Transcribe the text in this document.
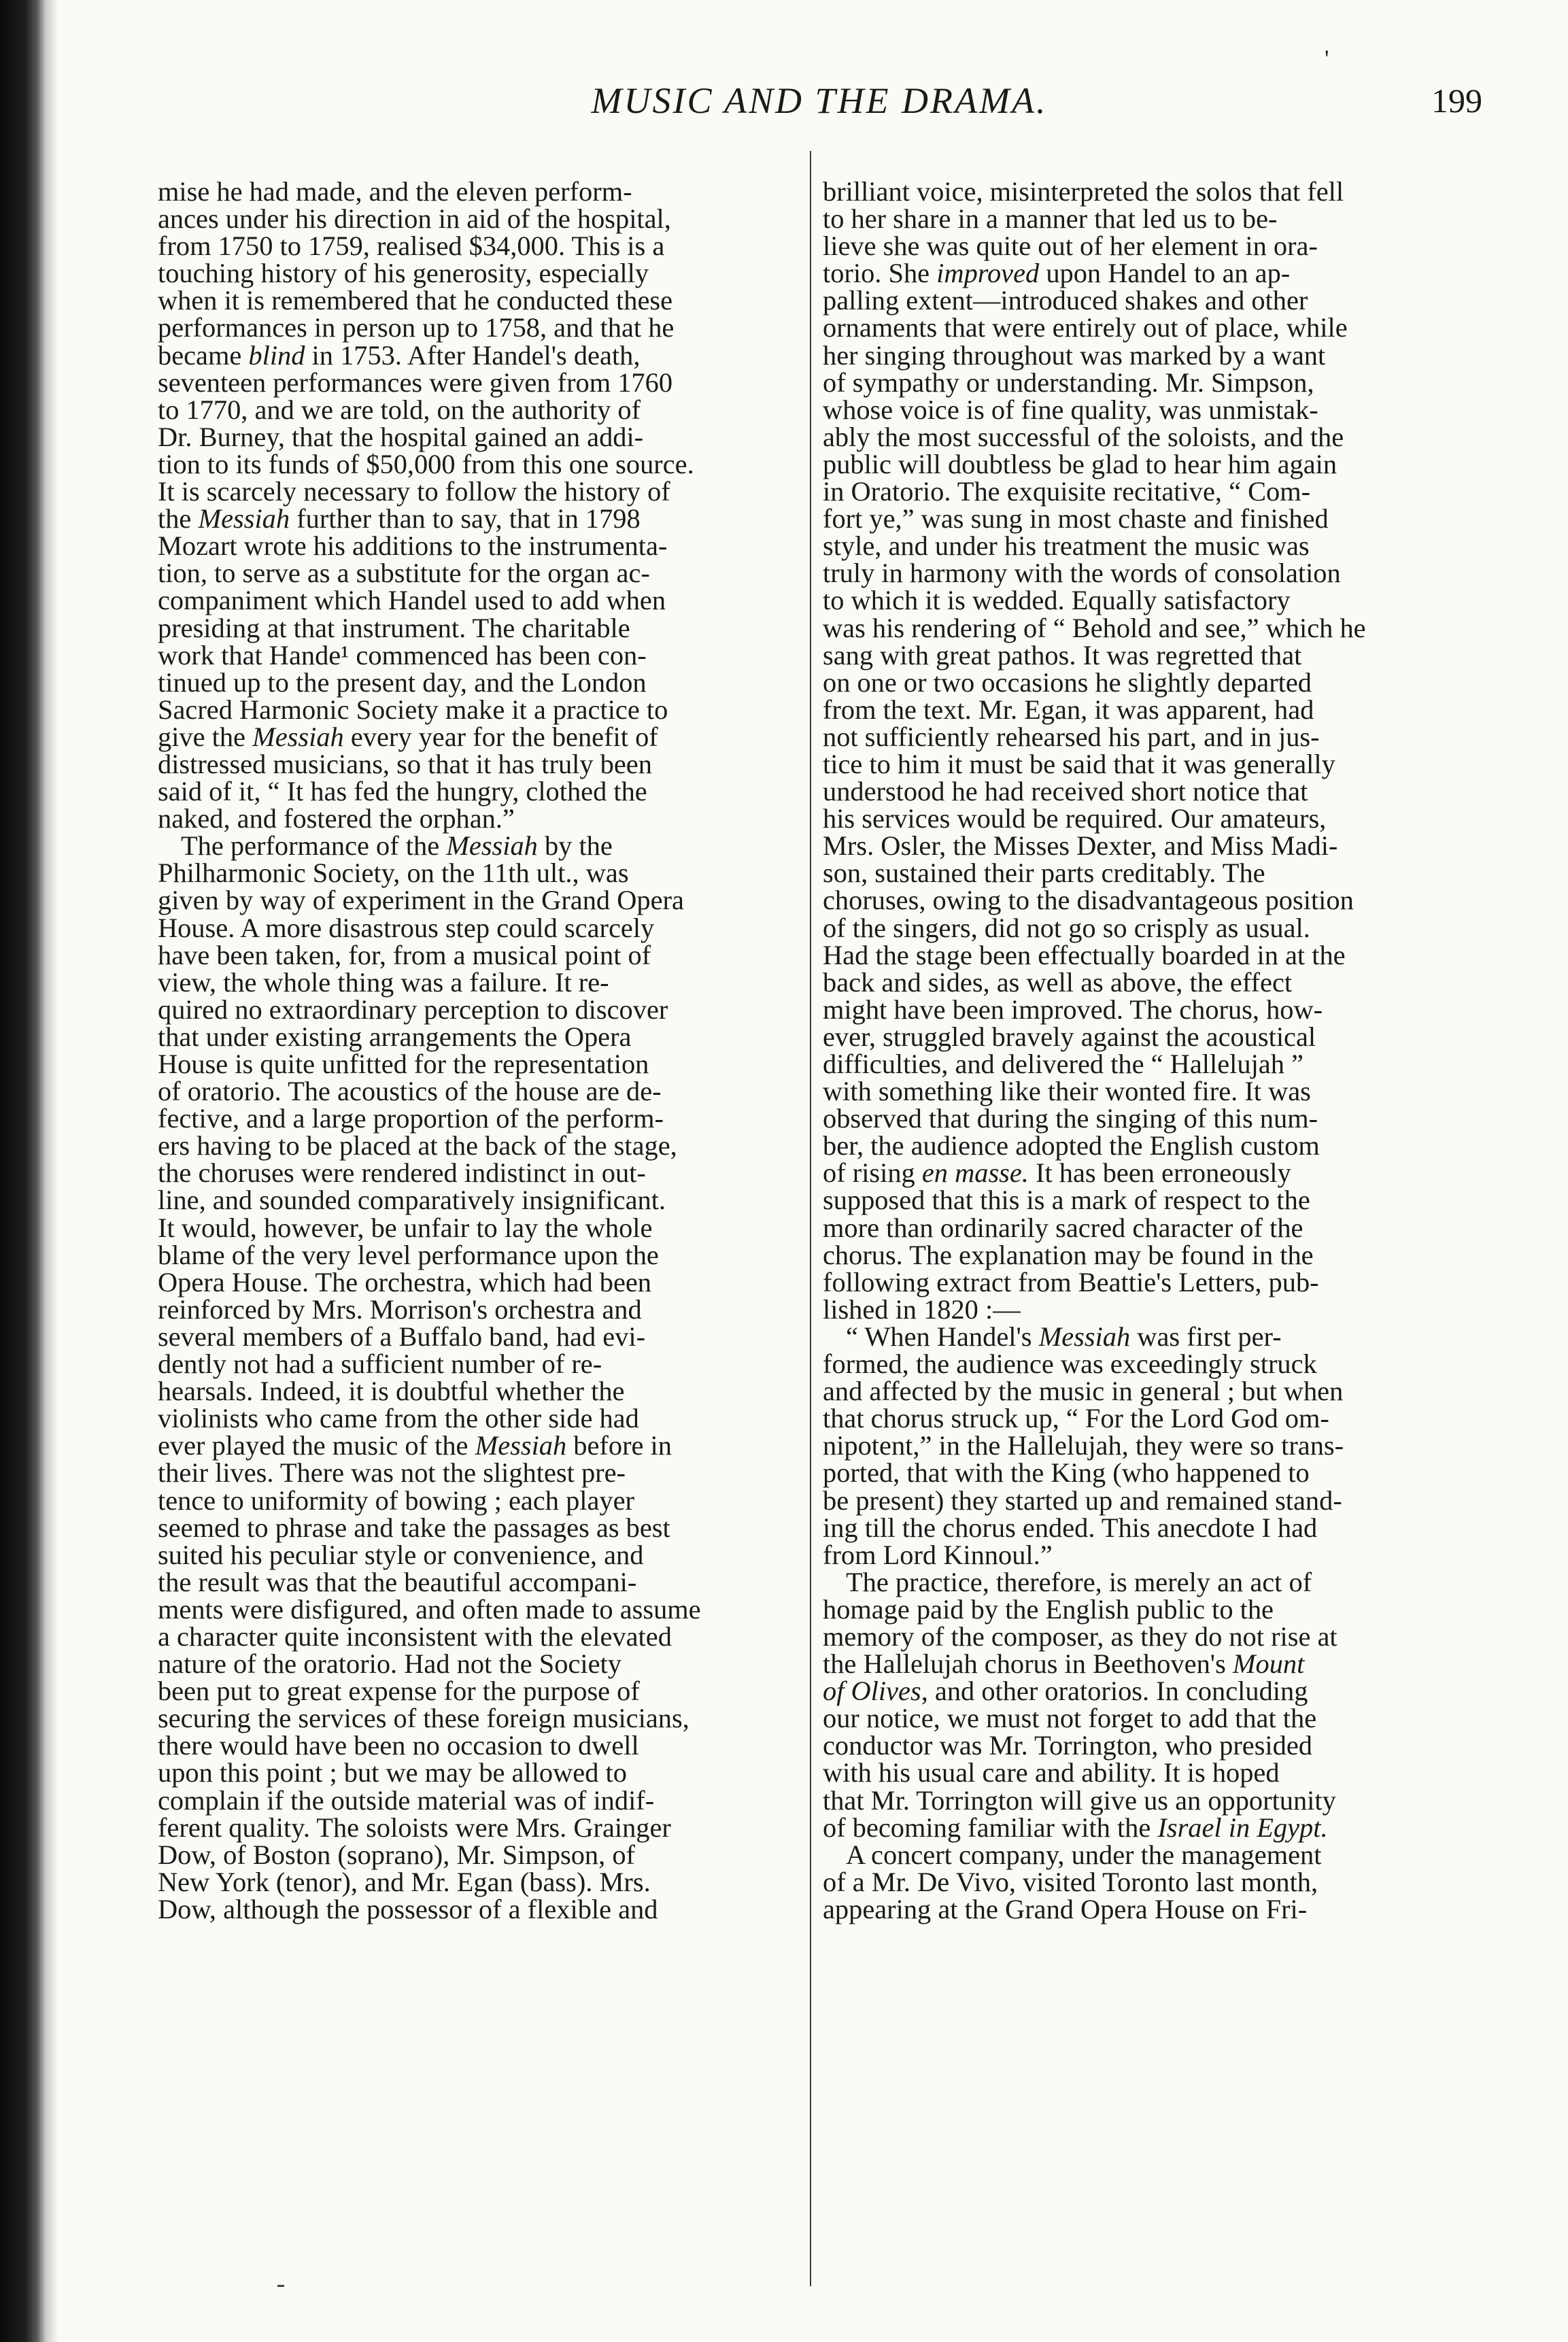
'
MUSIC AND THE DRAMA.	199
mise he had made, and the eleven perform-
ances under his direction in aid of the hospital,
from 1750 to 1759, realised $34,000. This is a
touching history of his generosity, especially
when it is remembered that he conducted these
performances in person up to 1758, and that he
became blind in 1753. After Handel's death,
seventeen performances were given from 1760
to 1770, and we are told, on the authority of
Dr. Burney, that the hospital gained an addi-
tion to its funds of $50,000 from this one source.
It is scarcely necessary to follow the history of
the Messiah further than to say, that in 1798
Mozart wrote his additions to the instrumenta-
tion, to serve as a substitute for the organ ac-
companiment which Handel used to add when
presiding at that instrument. The charitable
work that Hande¹ commenced has been con-
tinued up to the present day, and the London
Sacred Harmonic Society make it a practice to
give the Messiah every year for the benefit of
distressed musicians, so that it has truly been
said of it, “ It has fed the hungry, clothed the
naked, and fostered the orphan.”
The performance of the Messiah by the
Philharmonic Society, on the 11th ult., was
given by way of experiment in the Grand Opera
House. A more disastrous step could scarcely
have been taken, for, from a musical point of
view, the whole thing was a failure. It re-
quired no extraordinary perception to discover
that under existing arrangements the Opera
House is quite unfitted for the representation
of oratorio. The acoustics of the house are de-
fective, and a large proportion of the perform-
ers having to be placed at the back of the stage,
the choruses were rendered indistinct in out-
line, and sounded comparatively insignificant.
It would, however, be unfair to lay the whole
blame of the very level performance upon the
Opera House. The orchestra, which had been
reinforced by Mrs. Morrison's orchestra and
several members of a Buffalo band, had evi-
dently not had a sufficient number of re-
hearsals. Indeed, it is doubtful whether the
violinists who came from the other side had
ever played the music of the Messiah before in
their lives. There was not the slightest pre-
tence to uniformity of bowing ; each player
seemed to phrase and take the passages as best
suited his peculiar style or convenience, and
the result was that the beautiful accompani-
ments were disfigured, and often made to assume
a character quite inconsistent with the elevated
nature of the oratorio. Had not the Society
been put to great expense for the purpose of
securing the services of these foreign musicians,
there would have been no occasion to dwell
upon this point ; but we may be allowed to
complain if the outside material was of indif-
ferent quality. The soloists were Mrs. Grainger
Dow, of Boston (soprano), Mr. Simpson, of
New York (tenor), and Mr. Egan (bass). Mrs.
Dow, although the possessor of a flexible and
brilliant voice, misinterpreted the solos that fell
to her share in a manner that led us to be-
lieve she was quite out of her element in ora-
torio. She improved upon Handel to an ap-
palling extent—introduced shakes and other
ornaments that were entirely out of place, while
her singing throughout was marked by a want
of sympathy or understanding. Mr. Simpson,
whose voice is of fine quality, was unmistak-
ably the most successful of the soloists, and the
public will doubtless be glad to hear him again
in Oratorio. The exquisite recitative, “ Com-
fort ye,” was sung in most chaste and finished
style, and under his treatment the music was
truly in harmony with the words of consolation
to which it is wedded. Equally satisfactory
was his rendering of “ Behold and see,” which he
sang with great pathos. It was regretted that
on one or two occasions he slightly departed
from the text. Mr. Egan, it was apparent, had
not sufficiently rehearsed his part, and in jus-
tice to him it must be said that it was generally
understood he had received short notice that
his services would be required. Our amateurs,
Mrs. Osler, the Misses Dexter, and Miss Madi-
son, sustained their parts creditably. The
choruses, owing to the disadvantageous position
of the singers, did not go so crisply as usual.
Had the stage been effectually boarded in at the
back and sides, as well as above, the effect
might have been improved. The chorus, how-
ever, struggled bravely against the acoustical
difficulties, and delivered the “ Hallelujah ”
with something like their wonted fire. It was
observed that during the singing of this num-
ber, the audience adopted the English custom
of rising en masse. It has been erroneously
supposed that this is a mark of respect to the
more than ordinarily sacred character of the
chorus. The explanation may be found in the
following extract from Beattie's Letters, pub-
lished in 1820 :—
“ When Handel's Messiah was first per-
formed, the audience was exceedingly struck
and affected by the music in general ; but when
that chorus struck up, “ For the Lord God om-
nipotent,” in the Hallelujah, they were so trans-
ported, that with the King (who happened to
be present) they started up and remained stand-
ing till the chorus ended. This anecdote I had
from Lord Kinnoul.”
The practice, therefore, is merely an act of
homage paid by the English public to the
memory of the composer, as they do not rise at
the Hallelujah chorus in Beethoven's Mount
of Olives, and other oratorios. In concluding
our notice, we must not forget to add that the
conductor was Mr. Torrington, who presided
with his usual care and ability. It is hoped
that Mr. Torrington will give us an opportunity
of becoming familiar with the Israel in Egypt.
A concert company, under the management
of a Mr. De Vivo, visited Toronto last month,
appearing at the Grand Opera House on Fri-
